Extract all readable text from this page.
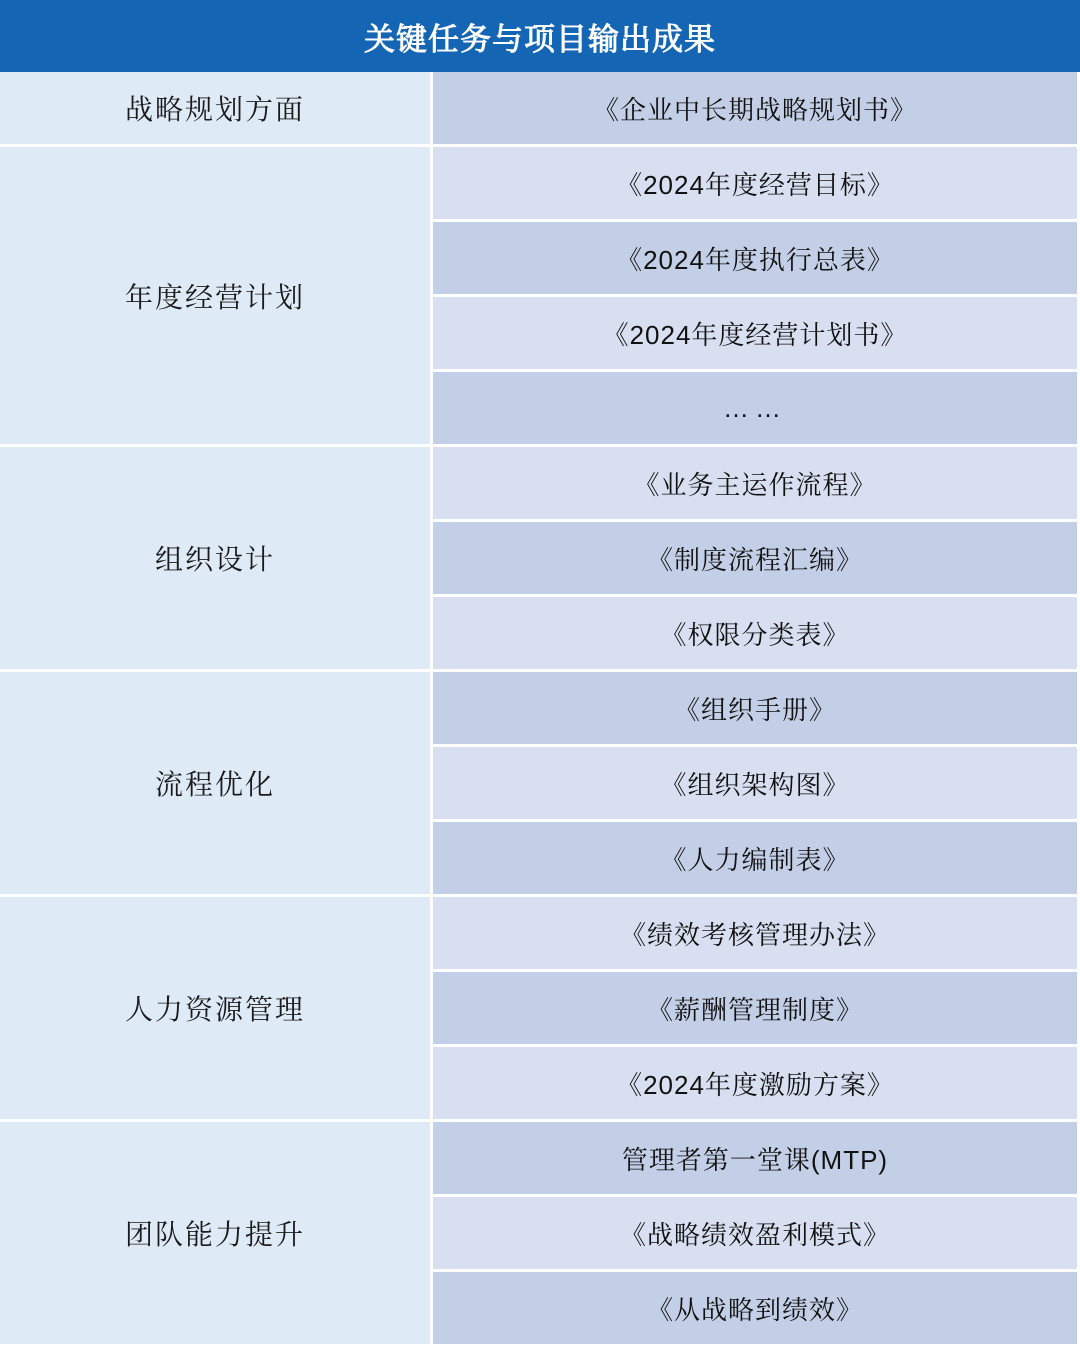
关键任务与项目输出成果
战略规划方面	《企业中长期战略规划书》
年度经营计划	《2024年度经营目标》
	《2024年度执行总表》
	《2024年度经营计划书》
	……
组织设计	《业务主运作流程》
	《制度流程汇编》
	《权限分类表》
流程优化	《组织手册》
	《组织架构图》
	《人力编制表》
人力资源管理	《绩效考核管理办法》
	《薪酬管理制度》
	《2024年度激励方案》
团队能力提升	管理者第一堂课(MTP)
	《战略绩效盈利模式》
	《从战略到绩效》
